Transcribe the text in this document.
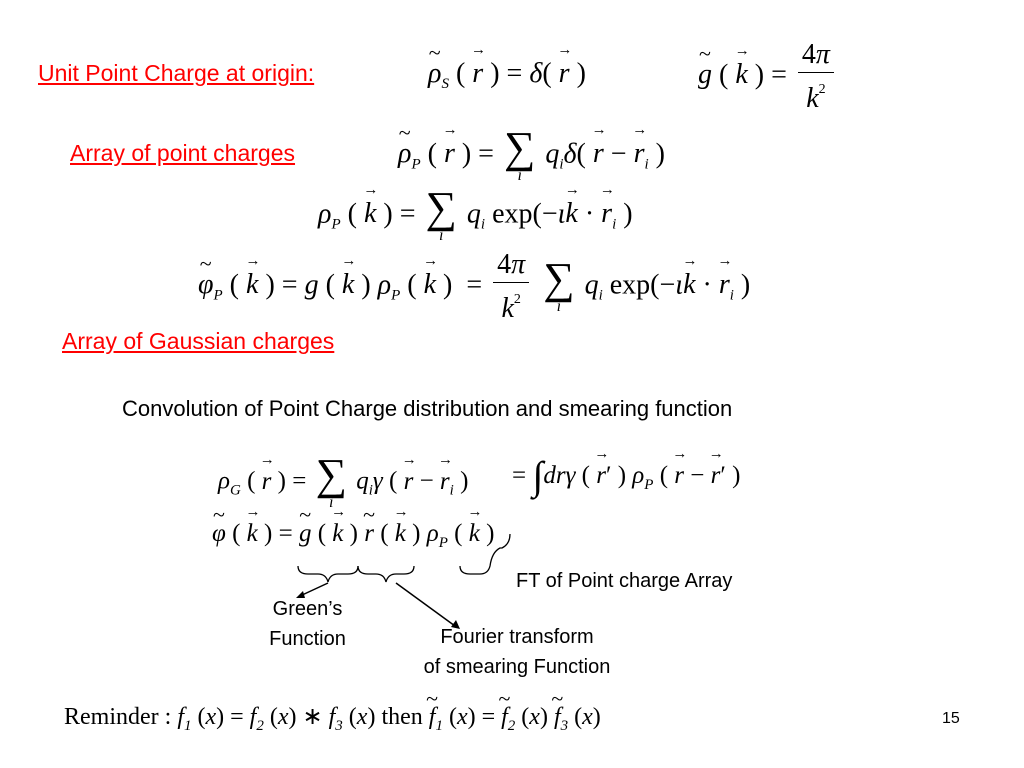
Unit Point Charge at origin:	ρ $\sim_S$ ( r → ) = δ( r → )	g ~ ( k → ) = $\frac{4\pi}{k^2}$
Array of point charges	ρ $\sim_P$ ( r → ) = ∑
i
$q_i\delta$( r → − $r \to_i$ )
$\rho_P$ ( k → ) = ∑
i
$q_i$ exp(−ιk → · $r \to_i$ )
φ $\sim_P$ ( k → ) = g ( k → ) $\rho_P$ ( k → )  = $\frac{4\pi}{k^2}$
∑
i
$q_i$ exp(−ιk → · $r \to_i$ )
Array of Gaussian charges
Convolution of Point Charge distribution and smearing function
$\rho_G$ ( r → ) = ∑
i
$q_i\gamma$ ( r → − $r \to_i$ ) = ∫drγ ( r →′ ) $\rho_P$ ( r → − r →′ )
φ ~ ( k → ) = g ~ ( k → ) r ~ ( k → ) $\rho_P$ ( k → )
FT of Point charge Array
Green’s
Function	Fourier transform
of smearing Function
Reminder : $f_1$ $(x) = f_2$ (x) ∗ $f_3$ (x) then f $\sim_1$ (x) = f $\sim_2$ (x) f $\sim_3$ (x)	15
